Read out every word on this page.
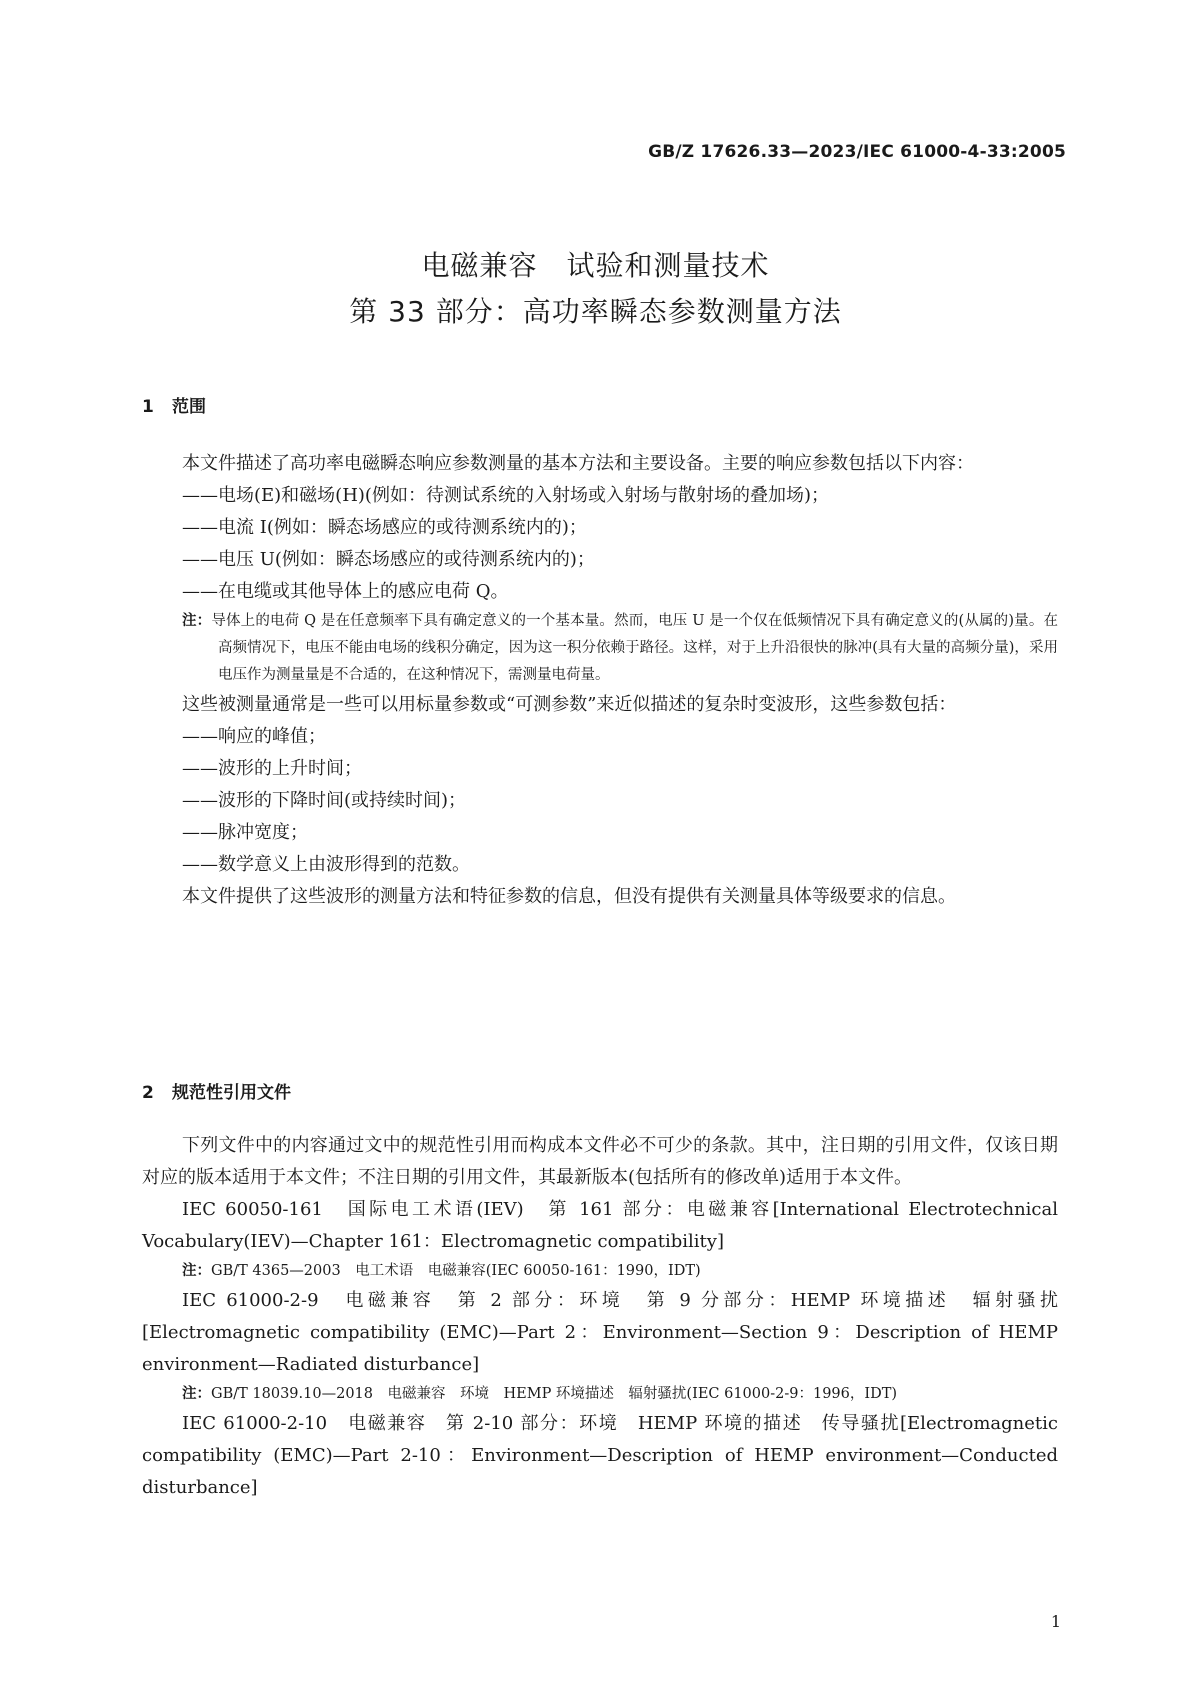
GB/Z 17626.33—2023/IEC 61000-4-33:2005
电磁兼容　试验和测量技术
第 33 部分：高功率瞬态参数测量方法
1 范围

本文件描述了高功率电磁瞬态响应参数测量的基本方法和主要设备。主要的响应参数包括以下内容：

——电场(E)和磁场(H)(例如：待测试系统的入射场或入射场与散射场的叠加场)；

——电流 I(例如：瞬态场感应的或待测系统内的)；

——电压 U(例如：瞬态场感应的或待测系统内的)；

——在电缆或其他导体上的感应电荷 Q。

注：导体上的电荷 Q 是在任意频率下具有确定意义的一个基本量。然而，电压 U 是一个仅在低频情况下具有确定意义的(从属的)量。在高频情况下，电压不能由电场的线积分确定，因为这一积分依赖于路径。这样，对于上升沿很快的脉冲(具有大量的高频分量)，采用电压作为测量量是不合适的，在这种情况下，需测量电荷量。

这些被测量通常是一些可以用标量参数或“可测参数”来近似描述的复杂时变波形，这些参数包括：

——响应的峰值；

——波形的上升时间；

——波形的下降时间(或持续时间)；

——脉冲宽度；

——数学意义上由波形得到的范数。

本文件提供了这些波形的测量方法和特征参数的信息，但没有提供有关测量具体等级要求的信息。

2 规范性引用文件

下列文件中的内容通过文中的规范性引用而构成本文件必不可少的条款。其中，注日期的引用文件，仅该日期对应的版本适用于本文件；不注日期的引用文件，其最新版本(包括所有的修改单)适用于本文件。

IEC 60050-161　国际电工术语(IEV)　第 161 部分：电磁兼容[International Electrotechnical Vocabulary(IEV)—Chapter 161：Electromagnetic compatibility]

注：GB/T 4365—2003　电工术语　电磁兼容(IEC 60050-161：1990，IDT)

IEC 61000-2-9　电磁兼容　第 2 部分：环境　第 9 分部分：HEMP 环境描述　辐射骚扰[Electromagnetic compatibility (EMC)—Part 2：Environment—Section 9：Description of HEMP environment—Radiated disturbance]

注：GB/T 18039.10—2018　电磁兼容　环境　HEMP 环境描述　辐射骚扰(IEC 61000-2-9：1996，IDT)

IEC 61000-2-10　电磁兼容　第 2-10 部分：环境　HEMP 环境的描述　传导骚扰[Electromagnetic compatibility (EMC)—Part 2-10：Environment—Description of HEMP environment—Conducted disturbance]

1
